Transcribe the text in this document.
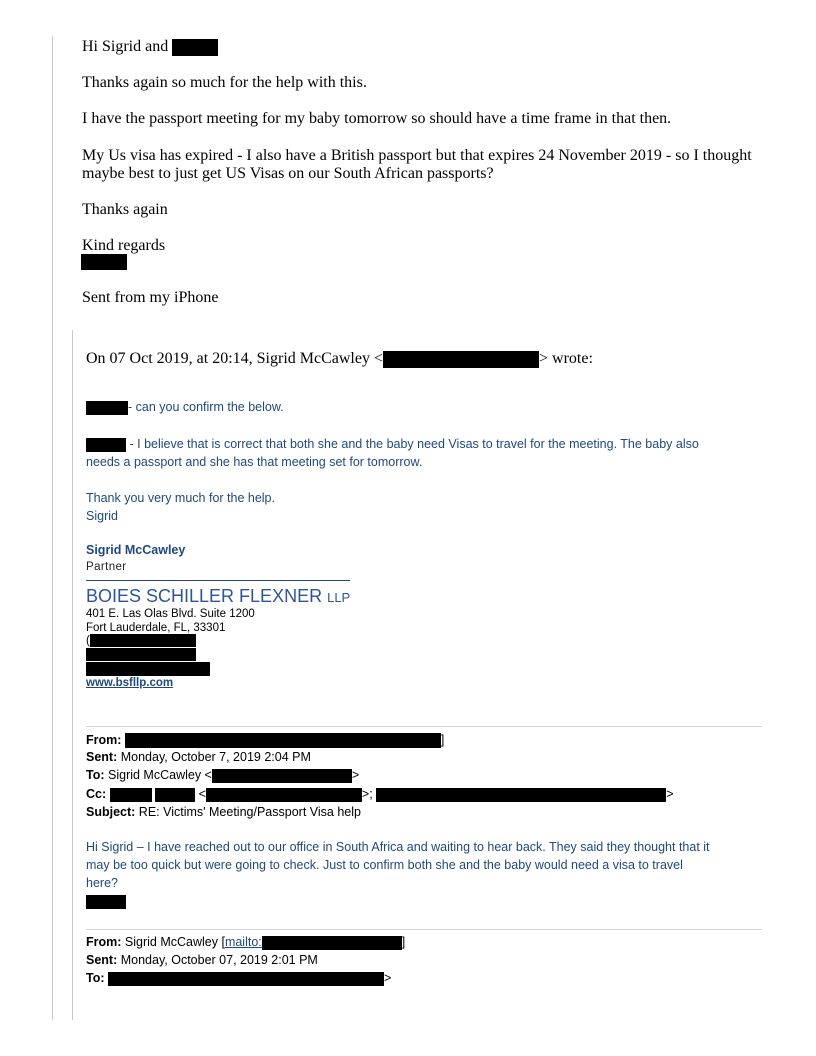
Hi Sigrid and
Thanks again so much for the help with this.
I have the passport meeting for my baby tomorrow so should have a time frame in that then.
My Us visa has expired - I also have a British passport but that expires 24 November 2019 - so I thought
maybe best to just get US Visas on our South African passports?
Thanks again
Kind regards
Sent from my iPhone
On 07 Oct 2019, at 20:14, Sigrid McCawley <	> wrote:
- can you confirm the below.
- I believe that is correct that both she and the baby need Visas to travel for the meeting. The baby also
needs a passport and she has that meeting set for tomorrow.
Thank you very much for the help.
Sigrid
Sigrid McCawley
Partner
BOIES SCHILLER FLEXNER LLP
401 E. Las Olas Blvd. Suite 1200
Fort Lauderdale, FL, 33301
(
www.bsfllp.com
From:	]
Sent: Monday, October 7, 2019 2:04 PM
To: Sigrid McCawley <	>
Cc:	<	>;	>
Subject: RE: Victims' Meeting/Passport Visa help
Hi Sigrid – I have reached out to our office in South Africa and waiting to hear back. They said they thought that it
may be too quick but were going to check. Just to confirm both she and the baby would need a visa to travel
here?
From: Sigrid McCawley [mailto:	]
Sent: Monday, October 07, 2019 2:01 PM
To:	>
